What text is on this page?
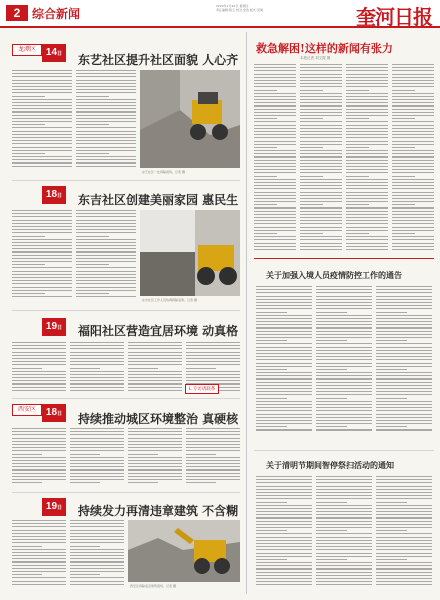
2 综合新闻
2022年1月20日 星期四
责任编辑:程玉 校对:金浩 版式:吴海	奎河日报
龙潭区 14日	东艺社区提升社区面貌 人心齐
东艺社区一处拆除现场。记者 摄
18日	东吉社区创建美丽家园 惠民生
东吉社区工作人员协调拆除违建。记者 摄
19日	福阳社区营造宜居环境 动真格
L 专访请联系
西安区 18日	持续推动城区环境整治 真硬核
19日	持续发力再清违章建筑 不含糊
西安区拆除违章建筑现场。记者 摄
救急解困!这样的新闻有张力
本报记者 刘文霞 摄
关于加强入境人员疫情防控工作的通告
关于清明节期间智停祭扫活动的通知
